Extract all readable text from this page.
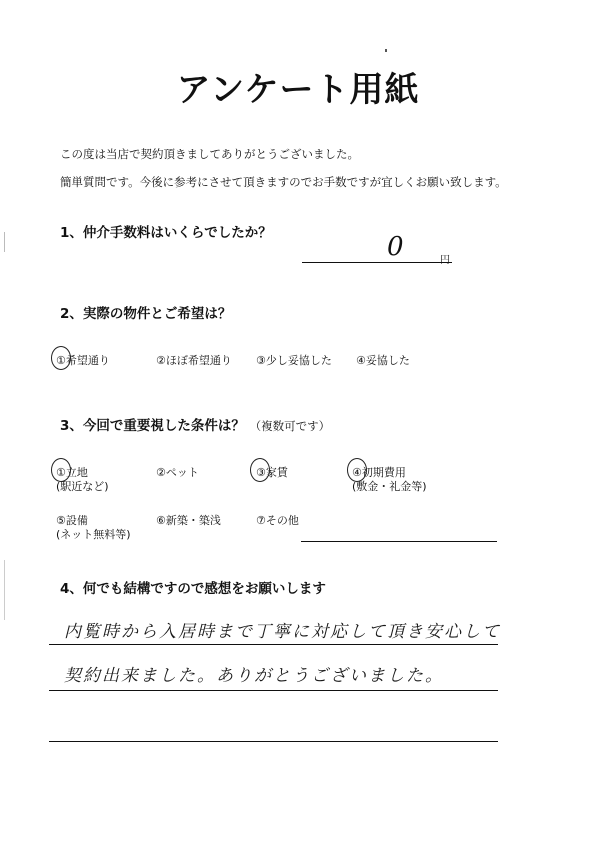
アンケート用紙
この度は当店で契約頂きましてありがとうございました。
簡単質問です。今後に参考にさせて頂きますのでお手数ですが宜しくお願い致します。
1、仲介手数料はいくらでしたか？	0	円
2、実際の物件とご希望は？
①希望通り	②ほぼ希望通り ③少し妥協した ④妥協した
3、今回で重要視した条件は？ （複数可です）
①立地
(駅近など)
②ペット	③家賃	④初期費用
(敷金・礼金等)
⑤設備
(ネット無料等)
⑥新築・築浅	⑦その他
4、何でも結構ですので感想をお願いします
内覧時から入居時まで丁寧に対応して頂き安心して
契約出来ました。ありがとうございました。
